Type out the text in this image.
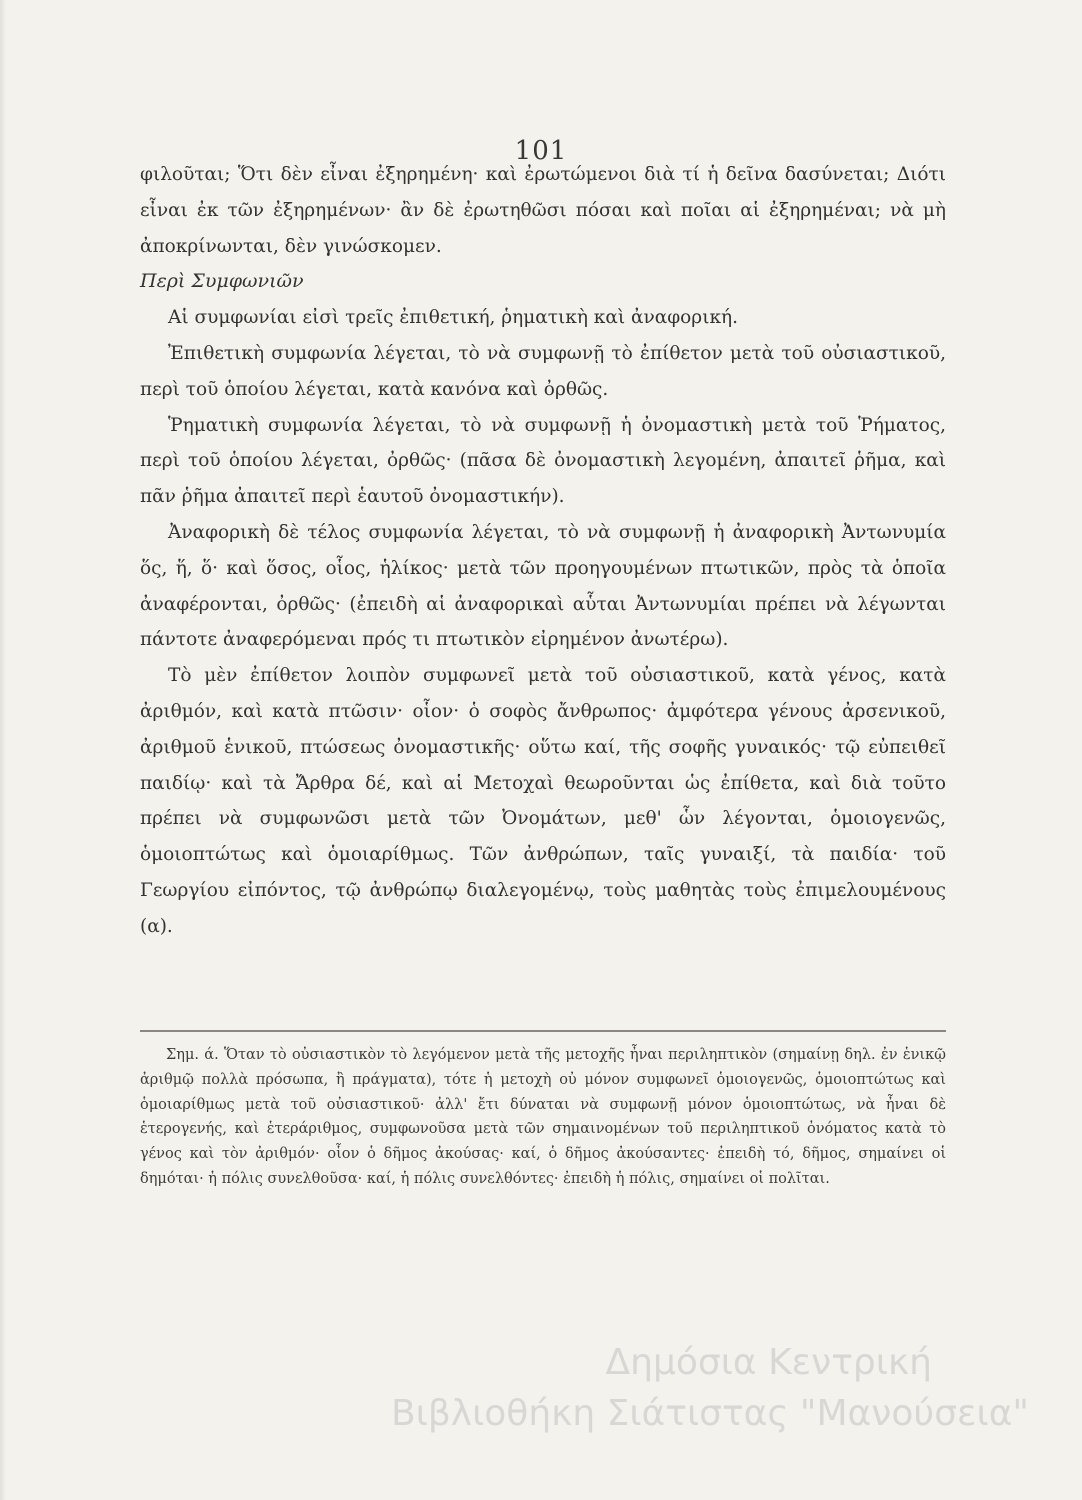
101

φιλοῦται; Ὅτι δὲν εἶναι ἐξηρημένη· καὶ ἐρωτώμενοι διὰ τί ἡ δεῖνα δασύνεται; Διότι εἶναι ἐκ τῶν ἐξηρημένων· ἂν δὲ ἐρωτηθῶσι πόσαι καὶ ποῖαι αἱ ἐξηρημέναι; νὰ μὴ ἀποκρίνωνται, δὲν γινώσκομεν.

Περὶ Συμφωνιῶν

Αἱ συμφωνίαι εἰσὶ τρεῖς ἐπιθετική, ῥηματικὴ καὶ ἀναφορική.

Ἐπιθετικὴ συμφωνία λέγεται, τὸ νὰ συμφωνῇ τὸ ἐπίθετον μετὰ τοῦ οὐσιαστικοῦ, περὶ τοῦ ὁποίου λέγεται, κατὰ κανόνα καὶ ὀρθῶς.

Ῥηματικὴ συμφωνία λέγεται, τὸ νὰ συμφωνῇ ἡ ὀνομαστικὴ μετὰ τοῦ Ῥήματος, περὶ τοῦ ὁποίου λέγεται, ὀρθῶς· (πᾶσα δὲ ὀνομαστικὴ λεγομένη, ἀπαιτεῖ ῥῆμα, καὶ πᾶν ῥῆμα ἀπαιτεῖ περὶ ἑαυτοῦ ὀνομαστικήν).

Ἀναφορικὴ δὲ τέλος συμφωνία λέγεται, τὸ νὰ συμφωνῇ ἡ ἀναφορικὴ Ἀντωνυμία ὅς, ἥ, ὅ· καὶ ὅσος, οἷος, ἡλίκος· μετὰ τῶν προηγουμένων πτωτικῶν, πρὸς τὰ ὁποῖα ἀναφέρονται, ὀρθῶς· (ἐπειδὴ αἱ ἀναφορικαὶ αὗται Ἀντωνυμίαι πρέπει νὰ λέγωνται πάντοτε ἀναφερόμεναι πρός τι πτωτικὸν εἰρημένον ἀνωτέρω).

Τὸ μὲν ἐπίθετον λοιπὸν συμφωνεῖ μετὰ τοῦ οὐσιαστικοῦ, κατὰ γένος, κατὰ ἀριθμόν, καὶ κατὰ πτῶσιν· οἷον· ὁ σοφὸς ἄνθρωπος· ἀμφότερα γένους ἀρσενικοῦ, ἀριθμοῦ ἑνικοῦ, πτώσεως ὀνομαστικῆς· οὕτω καί, τῆς σοφῆς γυναικός· τῷ εὐπειθεῖ παιδίῳ· καὶ τὰ Ἄρθρα δέ, καὶ αἱ Μετοχαὶ θεωροῦνται ὡς ἐπίθετα, καὶ διὰ τοῦτο πρέπει νὰ συμφωνῶσι μετὰ τῶν Ὀνομάτων, μεθ' ὧν λέγονται, ὁμοιογενῶς, ὁμοιοπτώτως καὶ ὁμοιαρίθμως. Τῶν ἀνθρώπων, ταῖς γυναιξί, τὰ παιδία· τοῦ Γεωργίου εἰπόντος, τῷ ἀνθρώπῳ διαλεγομένῳ, τοὺς μαθητὰς τοὺς ἐπιμελουμένους (α).

Σημ. ά. Ὅταν τὸ οὐσιαστικὸν τὸ λεγόμενον μετὰ τῆς μετοχῆς ἦναι περιληπτικὸν (σημαίνῃ δηλ. ἐν ἑνικῷ ἀριθμῷ πολλὰ πρόσωπα, ἢ πράγματα), τότε ἡ μετοχὴ οὐ μόνον συμφωνεῖ ὁμοιογενῶς, ὁμοιοπτώτως καὶ ὁμοιαρίθμως μετὰ τοῦ οὐσιαστικοῦ· ἀλλ' ἔτι δύναται νὰ συμφωνῇ μόνον ὁμοιοπτώτως, νὰ ἦναι δὲ ἑτερογενής, καὶ ἑτεράριθμος, συμφωνοῦσα μετὰ τῶν σημαινομένων τοῦ περιληπτικοῦ ὀνόματος κατὰ τὸ γένος καὶ τὸν ἀριθμόν· οἷον ὁ δῆμος ἀκούσας· καί, ὁ δῆμος ἀκούσαντες· ἐπειδὴ τό, δῆμος, σημαίνει οἱ δημόται· ἡ πόλις συνελθοῦσα· καί, ἡ πόλις συνελθόντες· ἐπειδὴ ἡ πόλις, σημαίνει οἱ πολῖται.

Δημόσια Κεντρική
Βιβλιοθήκη Σιάτιστας "Μανούσεια"
